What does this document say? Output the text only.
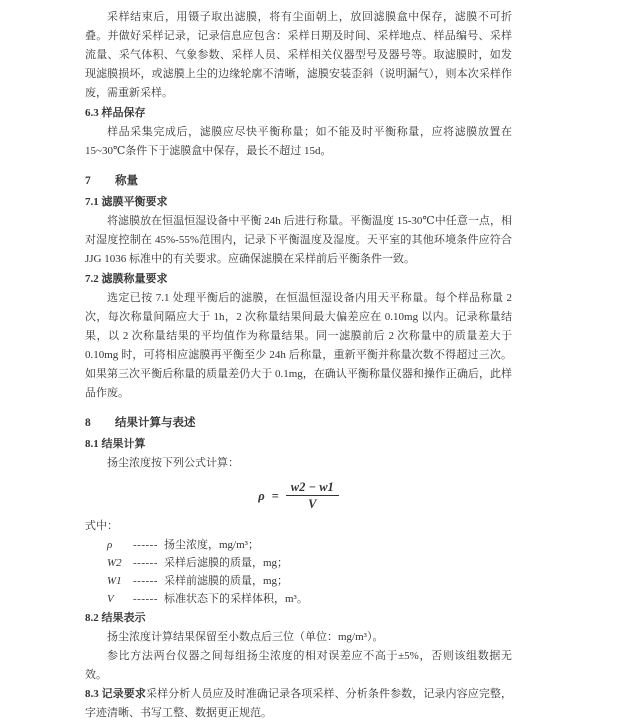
采样结束后，用镊子取出滤膜，将有尘面朝上，放回滤膜盒中保存，滤膜不可折叠。并做好采样记录，记录信息应包含：采样日期及时间、采样地点、样品编号、采样流量、采气体积、气象参数、采样人员、采样相关仪器型号及器号等。取滤膜时，如发现滤膜损坏，或滤膜上尘的边缘轮廓不清晰，滤膜安装歪斜（说明漏气），则本次采样作废，需重新采样。

6.3 样品保存

样品采集完成后，滤膜应尽快平衡称量；如不能及时平衡称量，应将滤膜放置在 15~30℃条件下于滤膜盒中保存，最长不超过 15d。

7 称量
7.1 滤膜平衡要求

将滤膜放在恒温恒湿设备中平衡 24h 后进行称量。平衡温度 15-30℃中任意一点，相对湿度控制在 45%-55%范围内，记录下平衡温度及湿度。天平室的其他环境条件应符合 JJG 1036 标准中的有关要求。应确保滤膜在采样前后平衡条件一致。

7.2 滤膜称量要求

选定已按 7.1 处理平衡后的滤膜，在恒温恒湿设备内用天平称量。每个样品称量 2 次，每次称量间隔应大于 1h，2 次称量结果间最大偏差应在 0.10mg 以内。记录称量结果，以 2 次称量结果的平均值作为称量结果。同一滤膜前后 2 次称量中的质量差大于 0.10mg 时，可将相应滤膜再平衡至少 24h 后称量，重新平衡并称量次数不得超过三次。如果第三次平衡后称量的质量差仍大于 0.1mg，在确认平衡称量仪器和操作正确后，此样品作废。

8 结果计算与表述
8.1 结果计算

扬尘浓度按下列公式计算：

$\rho = \frac{w2 - w1}{V}$

式中：

ρ	------ 扬尘浓度，mg/m³；
W2	------ 采样后滤膜的质量，mg；
W1	------ 采样前滤膜的质量，mg；
V	------ 标准状态下的采样体积，m³。
8.2 结果表示

扬尘浓度计算结果保留至小数点后三位（单位：mg/m³）。

参比方法两台仪器之间每组扬尘浓度的相对误差应不高于±5%，否则该组数据无效。

8.3 记录要求采样分析人员应及时准确记录各项采样、分析条件参数，记录内容应完整，字迹清晰、书写工整、数据更正规范。
